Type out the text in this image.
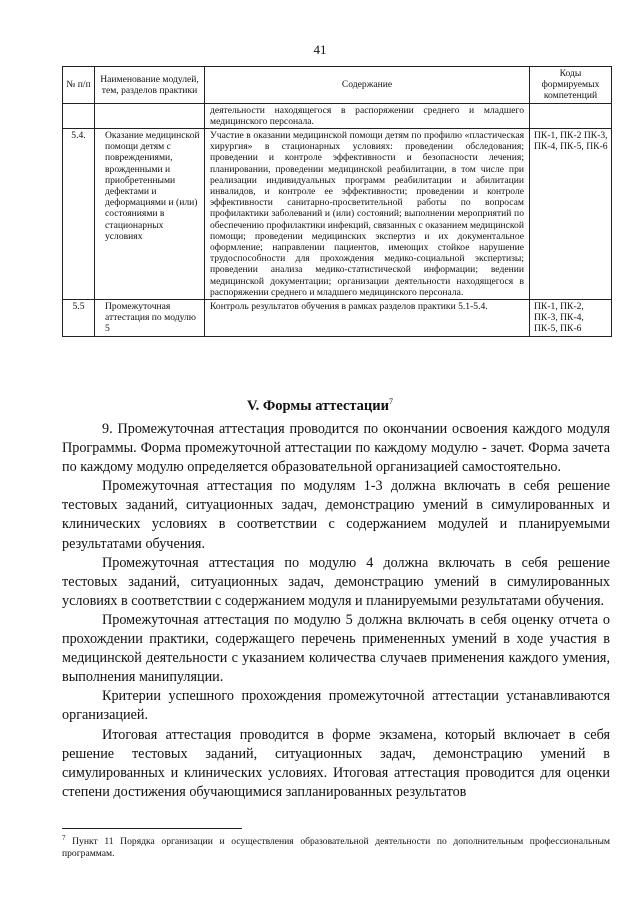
41
№ п/п	Наименование модулей, тем, разделов практики	Содержание	Коды формируемых компетенций
		деятельности находящегося в распоряжении среднего и младшего медицинского персонала.	
5.4.	Оказание медицинской помощи детям с повреждениями, врожденными и приобретенными дефектами и деформациями и (или) состояниями в стационарных условиях	Участие в оказании медицинской помощи детям по профилю «пластическая хирургия» в стационарных условиях: проведении обследования; проведении и контроле эффективности и безопасности лечения; планировании, проведении медицинской реабилитации, в том числе при реализации индивидуальных программ реабилитации и абилитации инвалидов, и контроле ее эффективности; проведении и контроле эффективности санитарно-просветительной работы по вопросам профилактики заболеваний и (или) состояний; выполнении мероприятий по обеспечению профилактики инфекций, связанных с оказанием медицинской помощи; проведении медицинских экспертиз и их документальное оформление; направлении пациентов, имеющих стойкое нарушение трудоспособности для прохождения медико-социальной экспертизы; проведении анализа медико-статистической информации; ведении медицинской документации; организации деятельности находящегося в распоряжении среднего и младшего медицинского персонала.	ПК-1, ПК-2 ПК-3, ПК-4, ПК-5, ПК-6
5.5	Промежуточная аттестация по модулю 5	Контроль результатов обучения в рамках разделов практики 5.1-5.4.	ПК-1, ПК-2, ПК-3, ПК-4, ПК-5, ПК-6
V. Формы аттестации$^7$

9. Промежуточная аттестация проводится по окончании освоения каждого модуля Программы. Форма промежуточной аттестации по каждому модулю - зачет. Форма зачета по каждому модулю определяется образовательной организацией самостоятельно.

Промежуточная аттестация по модулям 1-3 должна включать в себя решение тестовых заданий, ситуационных задач, демонстрацию умений в симулированных и клинических условиях в соответствии с содержанием модулей и планируемыми результатами обучения.

Промежуточная аттестация по модулю 4 должна включать в себя решение тестовых заданий, ситуационных задач, демонстрацию умений в симулированных условиях в соответствии с содержанием модуля и планируемыми результатами обучения.

Промежуточная аттестация по модулю 5 должна включать в себя оценку отчета о прохождении практики, содержащего перечень примененных умений в ходе участия в медицинской деятельности с указанием количества случаев применения каждого умения, выполнения манипуляции.

Критерии успешного прохождения промежуточной аттестации устанавливаются организацией.

Итоговая аттестация проводится в форме экзамена, который включает в себя решение тестовых заданий, ситуационных задач, демонстрацию умений в симулированных и клинических условиях. Итоговая аттестация проводится для оценки степени достижения обучающимися запланированных результатов

$^7$ Пункт 11 Порядка организации и осуществления образовательной деятельности по дополнительным профессиональным программам.
